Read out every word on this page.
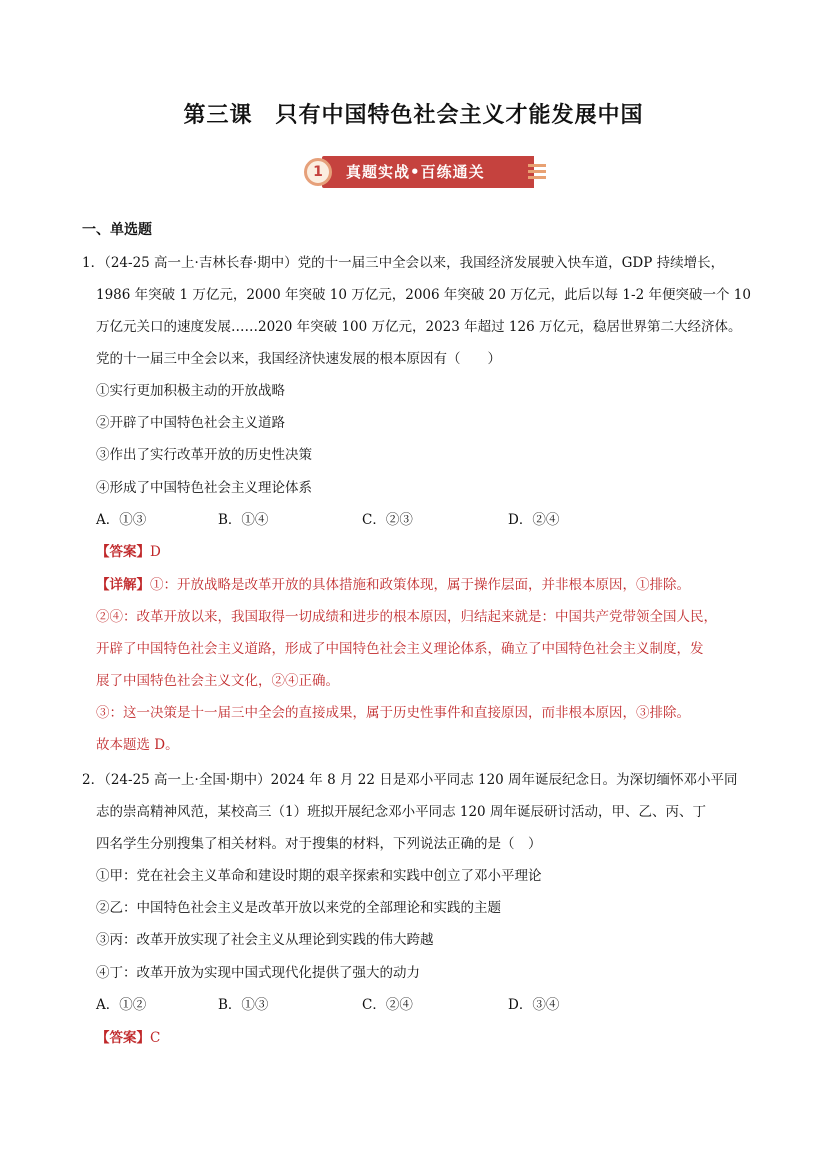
第三课　只有中国特色社会主义才能发展中国
1	真题实战•百练通关
一、单选题
1．（24-25 高一上·吉林长春·期中）党的十一届三中全会以来，我国经济发展驶入快车道，GDP 持续增长，
1986 年突破 1 万亿元，2000 年突破 10 万亿元，2006 年突破 20 万亿元，此后以每 1-2 年便突破一个 10
万亿元关口的速度发展……2020 年突破 100 万亿元，2023 年超过 126 万亿元，稳居世界第二大经济体。
党的十一届三中全会以来，我国经济快速发展的根本原因有（　　）
①实行更加积极主动的开放战略
②开辟了中国特色社会主义道路
③作出了实行改革开放的历史性决策
④形成了中国特色社会主义理论体系
A．①③	B．①④	C．②③	D．②④
【答案】D
【详解】①：开放战略是改革开放的具体措施和政策体现，属于操作层面，并非根本原因，①排除。
②④：改革开放以来，我国取得一切成绩和进步的根本原因，归结起来就是：中国共产党带领全国人民，
开辟了中国特色社会主义道路，形成了中国特色社会主义理论体系，确立了中国特色社会主义制度，发
展了中国特色社会主义文化，②④正确。
③：这一决策是十一届三中全会的直接成果，属于历史性事件和直接原因，而非根本原因，③排除。
故本题选 D。
2．（24-25 高一上·全国·期中）2024 年 8 月 22 日是邓小平同志 120 周年诞辰纪念日。为深切缅怀邓小平同
志的崇高精神风范，某校高三（1）班拟开展纪念邓小平同志 120 周年诞辰研讨活动，甲、乙、丙、丁
四名学生分别搜集了相关材料。对于搜集的材料，下列说法正确的是（　）
①甲：党在社会主义革命和建设时期的艰辛探索和实践中创立了邓小平理论
②乙：中国特色社会主义是改革开放以来党的全部理论和实践的主题
③丙：改革开放实现了社会主义从理论到实践的伟大跨越
④丁：改革开放为实现中国式现代化提供了强大的动力
A．①②	B．①③	C．②④	D．③④
【答案】C
